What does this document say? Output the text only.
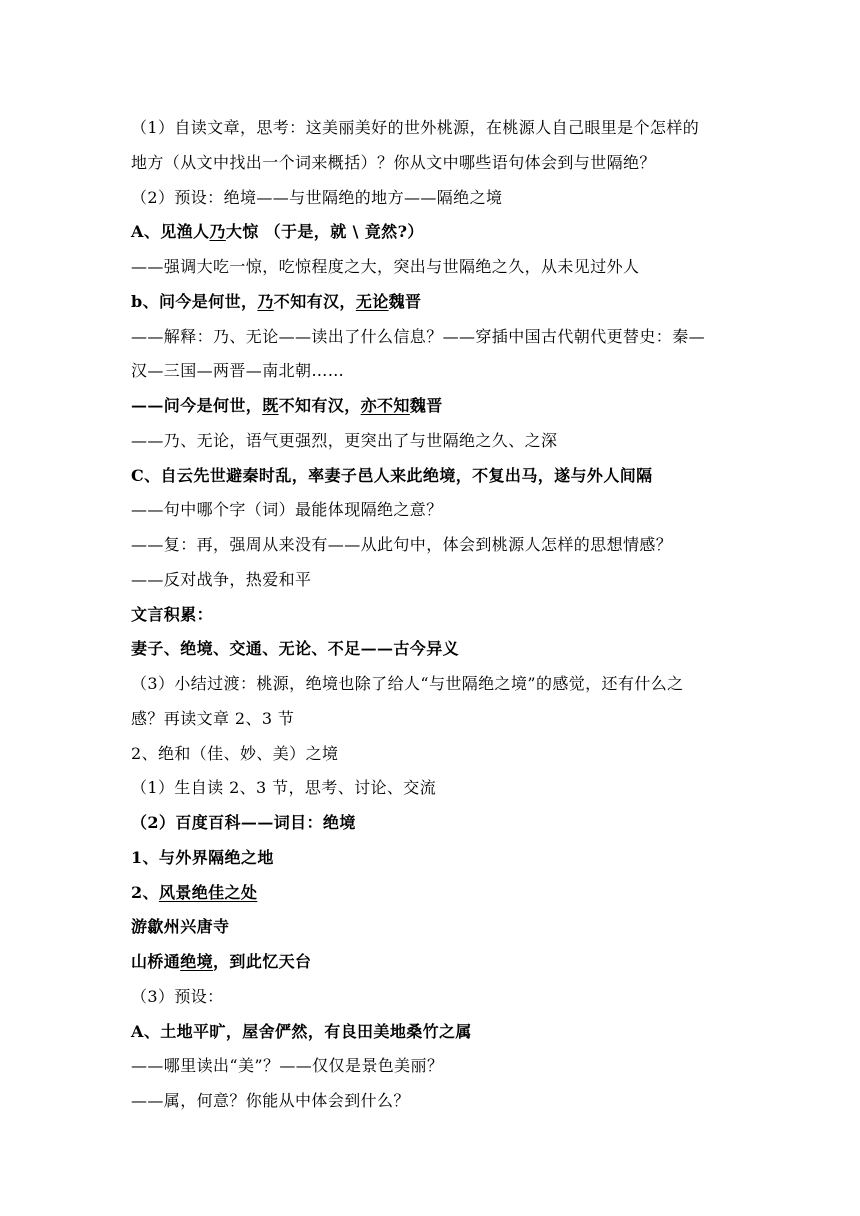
（1）自读文章，思考：这美丽美好的世外桃源，在桃源人自己眼里是个怎样的
地方（从文中找出一个词来概括）？你从文中哪些语句体会到与世隔绝？
（2）预设：绝境——与世隔绝的地方——隔绝之境
A、见渔人乃大惊 （于是，就 \ 竟然?）
——强调大吃一惊，吃惊程度之大，突出与世隔绝之久，从未见过外人
b、问今是何世，乃不知有汉，无论魏晋
——解释：乃、无论——读出了什么信息？——穿插中国古代朝代更替史：秦—
汉—三国—两晋—南北朝……
——问今是何世，既不知有汉，亦不知魏晋
——乃、无论，语气更强烈，更突出了与世隔绝之久、之深
C、自云先世避秦时乱，率妻子邑人来此绝境，不复出马，遂与外人间隔
——句中哪个字（词）最能体现隔绝之意？
——复：再，强周从来没有——从此句中，体会到桃源人怎样的思想情感？
——反对战争，热爱和平
文言积累：
妻子、绝境、交通、无论、不足——古今异义
（3）小结过渡：桃源，绝境也除了给人“与世隔绝之境”的感觉，还有什么之
感？再读文章 2、3 节
2、绝和（佳、妙、美）之境
（1）生自读 2、3 节，思考、讨论、交流
（2）百度百科——词目：绝境
1、与外界隔绝之地
2、风景绝佳之处
游歙州兴唐寺
山桥通绝境，到此忆天台
（3）预设：
A、土地平旷，屋舍俨然，有良田美地桑竹之属
——哪里读出“美”？——仅仅是景色美丽？
——属，何意？你能从中体会到什么？
